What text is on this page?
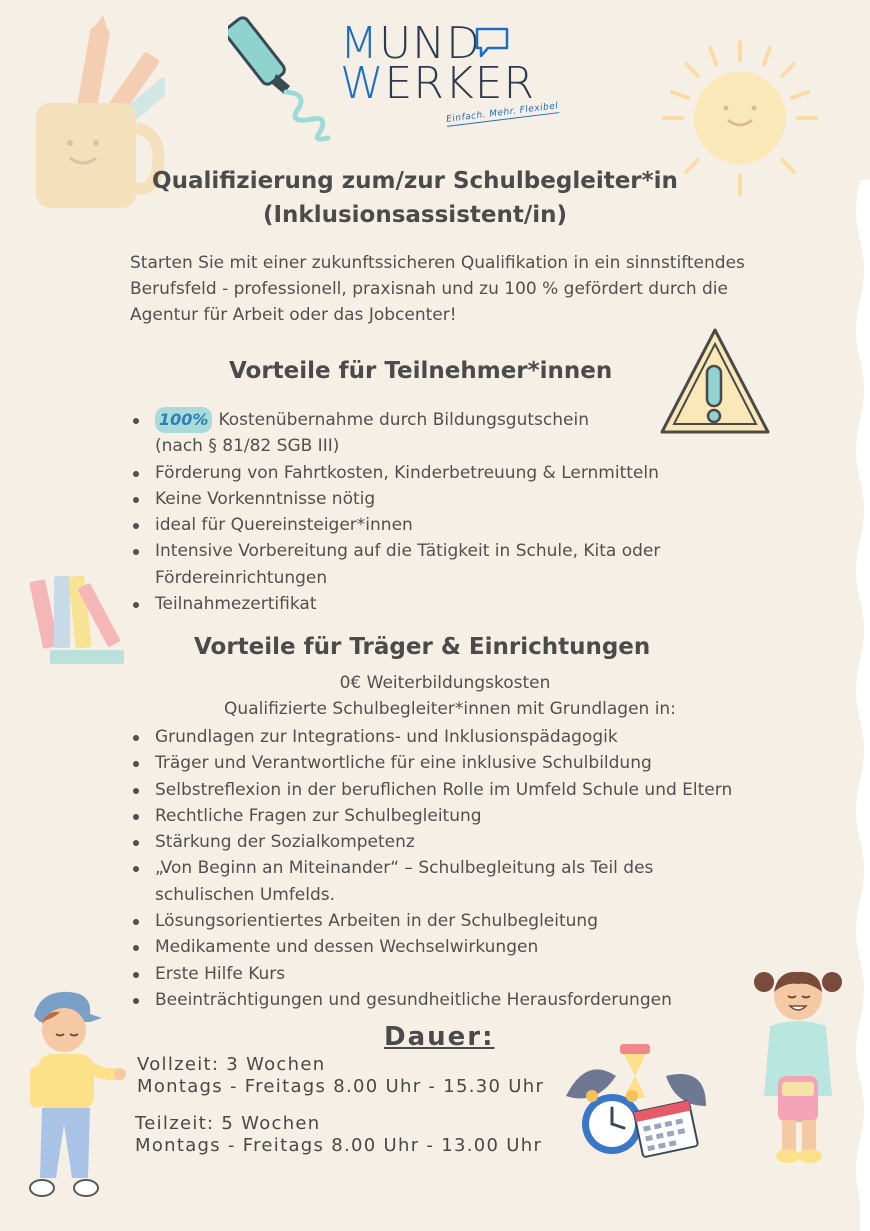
MUND
WERKER
Einfach. Mehr. Flexibel
Qualifizierung zum/zur Schulbegleiter*in
(Inklusionsassistent/in)
Starten Sie mit einer zukunftssicheren Qualifikation in ein sinnstiftendes Berufsfeld - professionell, praxisnah und zu 100 % gefördert durch die Agentur für Arbeit oder das Jobcenter!
Vorteile für Teilnehmer*innen
100% Kostenübernahme durch Bildungsgutschein
(nach § 81/82 SGB III)
Förderung von Fahrtkosten, Kinderbetreuung & Lernmitteln
Keine Vorkenntnisse nötig
ideal für Quereinsteiger*innen
Intensive Vorbereitung auf die Tätigkeit in Schule, Kita oder Fördereinrichtungen
Teilnahmezertifikat
Vorteile für Träger & Einrichtungen
0€ Weiterbildungskosten
Qualifizierte Schulbegleiter*innen mit Grundlagen in:
Grundlagen zur Integrations- und Inklusionspädagogik
Träger und Verantwortliche für eine inklusive Schulbildung
Selbstreflexion in der beruflichen Rolle im Umfeld Schule und Eltern
Rechtliche Fragen zur Schulbegleitung
Stärkung der Sozialkompetenz
„Von Beginn an Miteinander“ – Schulbegleitung als Teil des schulischen Umfelds.
Lösungsorientiertes Arbeiten in der Schulbegleitung
Medikamente und dessen Wechselwirkungen
Erste Hilfe Kurs
Beeinträchtigungen und gesundheitliche Herausforderungen
Dauer:
Vollzeit: 3 Wochen
Montags - Freitags 8.00 Uhr - 15.30 Uhr
Teilzeit: 5 Wochen
Montags - Freitags 8.00 Uhr - 13.00 Uhr
